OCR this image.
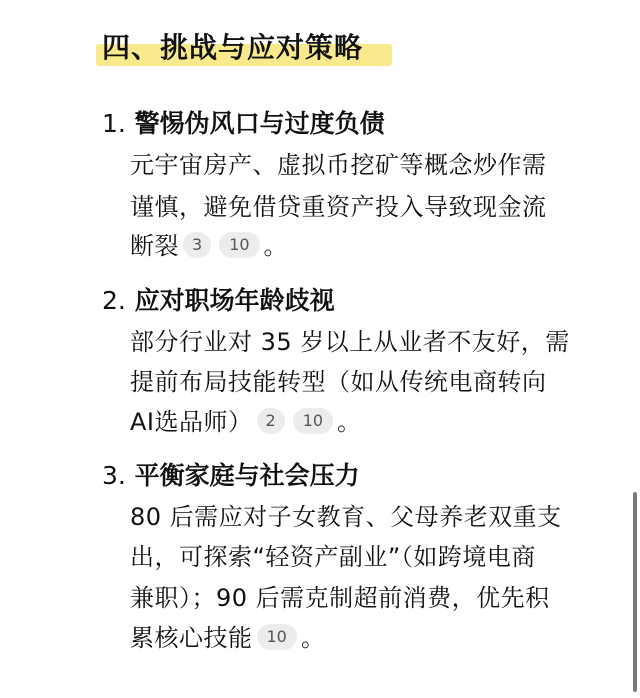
四、挑战与应对策略
1. 警惕伪风口与过度负债
元宇宙房产、虚拟币挖矿等概念炒作需
谨慎，避免借贷重资产投入导致现金流
断裂 3 10 。
2. 应对职场年龄歧视
部分行业对 35 岁以上从业者不友好，需
提前布局技能转型（如从传统电商转向
AI选品师） 2 10 。
3. 平衡家庭与社会压力
80 后需应对子女教育、父母养老双重支
出，可探索“轻资产副业”（如跨境电商
兼职）；90 后需克制超前消费，优先积
累核心技能 10 。
